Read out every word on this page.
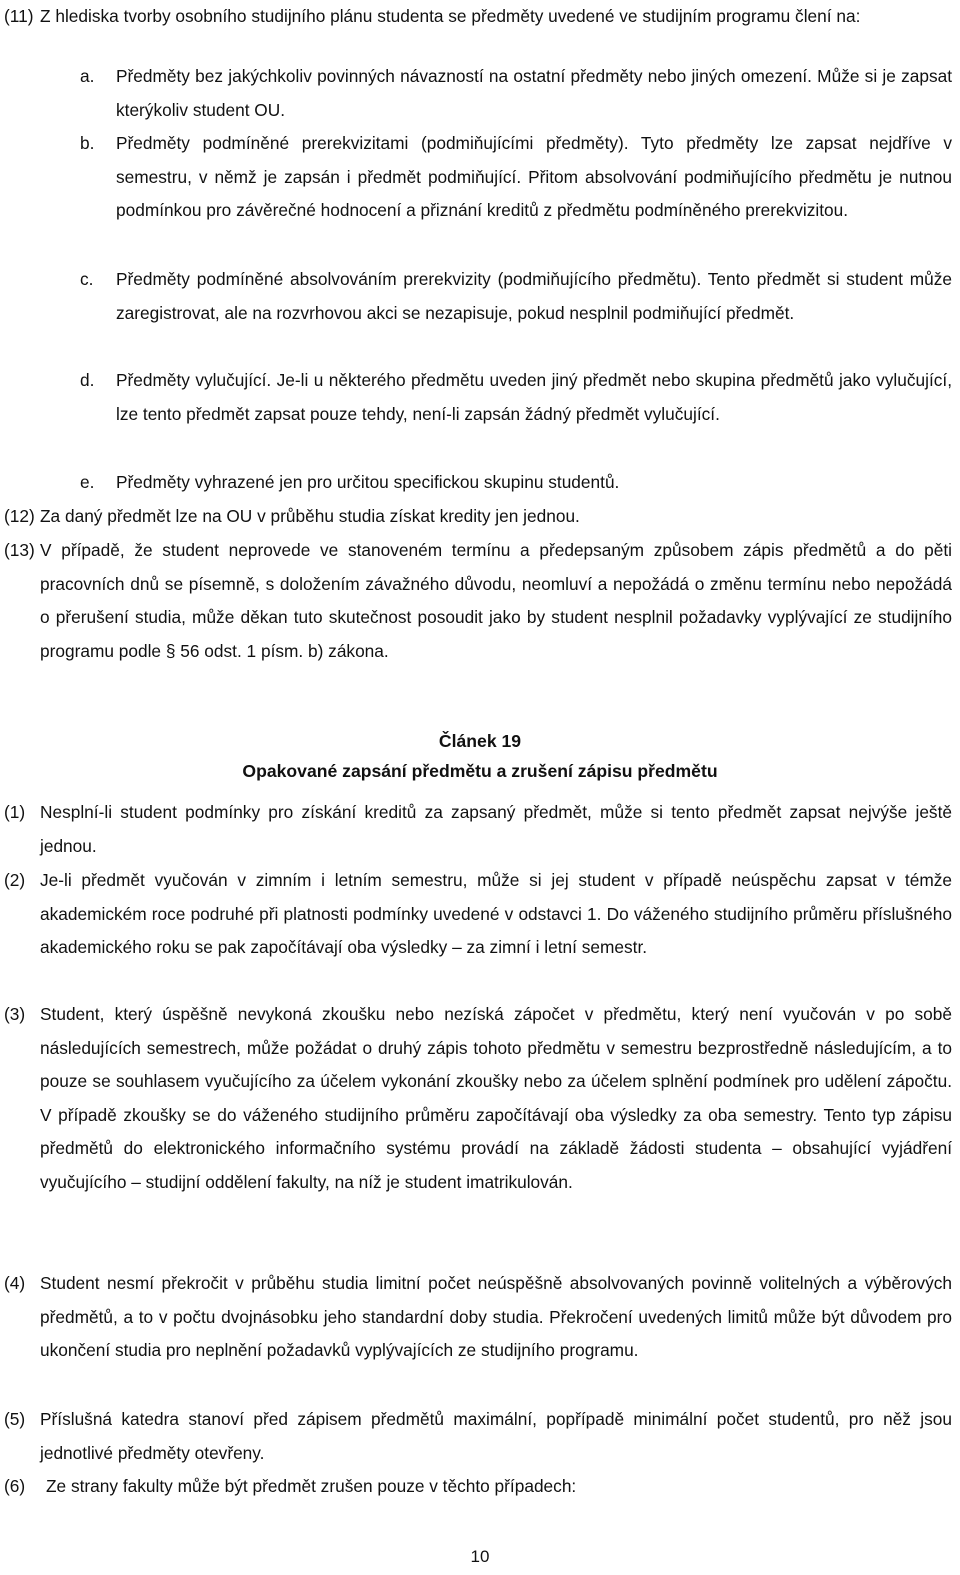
(11) Z hlediska tvorby osobního studijního plánu studenta se předměty uvedené ve studijním programu člení na:
a.	Předměty bez jakýchkoliv povinných návazností na ostatní předměty nebo jiných omezení. Může si je zapsat kterýkoliv student OU.
b.	Předměty podmíněné prerekvizitami (podmiňujícími předměty). Tyto předměty lze zapsat nejdříve v semestru, v němž je zapsán i předmět podmiňující. Přitom absolvování podmiňujícího předmětu je nutnou podmínkou pro závěrečné hodnocení a přiznání kreditů z předmětu podmíněného prerekvizitou.
c.	Předměty podmíněné absolvováním prerekvizity (podmiňujícího předmětu). Tento předmět si student může zaregistrovat, ale na rozvrhovou akci se nezapisuje, pokud nesplnil podmiňující předmět.
d.	Předměty vylučující. Je-li u některého předmětu uveden jiný předmět nebo skupina předmětů jako vylučující, lze tento předmět zapsat pouze tehdy, není-li zapsán žádný předmět vylučující.
e.	Předměty vyhrazené jen pro určitou specifickou skupinu studentů.
(12) Za daný předmět lze na OU v průběhu studia získat kredity jen jednou.
(13) V případě, že student neprovede ve stanoveném termínu a předepsaným způsobem zápis předmětů a do pěti pracovních dnů se písemně, s doložením závažného důvodu, neomluví a nepožádá o změnu termínu nebo nepožádá o přerušení studia, může děkan tuto skutečnost posoudit jako by student nesplnil požadavky vyplývající ze studijního programu podle § 56 odst. 1 písm. b) zákona.
Článek 19
Opakované zapsání předmětu a zrušení zápisu předmětu
(1) Nesplní-li student podmínky pro získání kreditů za zapsaný předmět, může si tento předmět zapsat nejvýše ještě jednou.
(2) Je-li předmět vyučován v zimním i letním semestru, může si jej student v případě neúspěchu zapsat v témže akademickém roce podruhé při platnosti podmínky uvedené v odstavci 1. Do váženého studijního průměru příslušného akademického roku se pak započítávají oba výsledky – za zimní i letní semestr.
(3) Student, který úspěšně nevykoná zkoušku nebo nezíská zápočet v předmětu, který není vyučován v po sobě následujících semestrech, může požádat o druhý zápis tohoto předmětu v semestru bezprostředně následujícím, a to pouze se souhlasem vyučujícího za účelem vykonání zkoušky nebo za účelem splnění podmínek pro udělení zápočtu. V případě zkoušky se do váženého studijního průměru započítávají oba výsledky za oba semestry. Tento typ zápisu předmětů do elektronického informačního systému provádí na základě žádosti studenta – obsahující vyjádření vyučujícího – studijní oddělení fakulty, na níž je student imatrikulován.
(4) Student nesmí překročit v průběhu studia limitní počet neúspěšně absolvovaných povinně volitelných a výběrových předmětů, a to v počtu dvojnásobku jeho standardní doby studia. Překročení uvedených limitů může být důvodem pro ukončení studia pro neplnění požadavků vyplývajících ze studijního programu.
(5) Příslušná katedra stanoví před zápisem předmětů maximální, popřípadě minimální počet studentů, pro něž jsou jednotlivé předměty otevřeny.
(6)	Ze strany fakulty může být předmět zrušen pouze v těchto případech:
10
